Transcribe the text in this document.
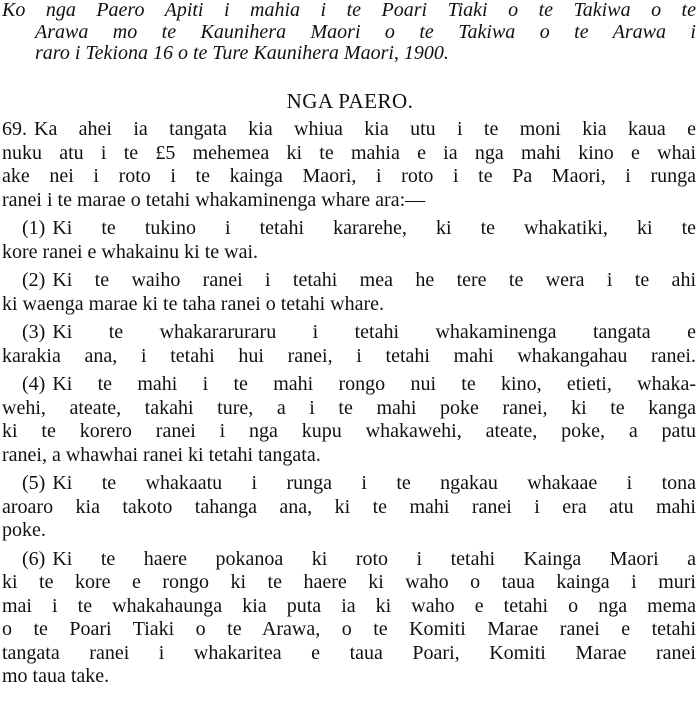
Ko nga Paero Apiti i mahia i te Poari Tiaki o te Takiwa o te
Arawa mo te Kaunihera Maori o te Takiwa o te Arawa i
raro i Tekiona 16 o te Ture Kaunihera Maori, 1900.
NGA PAERO.
69. Ka ahei ia tangata kia whiua kia utu i te moni kia kaua e
nuku atu i te £5 mehemea ki te mahia e ia nga mahi kino e whai
ake nei i roto i te kainga Maori, i roto i te Pa Maori, i runga
ranei i te marae o tetahi whakaminenga whare ara:—
(1) Ki te tukino i tetahi kararehe, ki te whakatiki, ki te
kore ranei e whakainu ki te wai.
(2) Ki te waiho ranei i tetahi mea he tere te wera i te ahi
ki waenga marae ki te taha ranei o tetahi whare.
(3) Ki te whakararuraru i tetahi whakaminenga tangata e
karakia ana, i tetahi hui ranei, i tetahi mahi whakangahau ranei.
(4) Ki te mahi i te mahi rongo nui te kino, etieti, whaka-
wehi, ateate, takahi ture, a i te mahi poke ranei, ki te kanga
ki te korero ranei i nga kupu whakawehi, ateate, poke, a patu
ranei, a whawhai ranei ki tetahi tangata.
(5) Ki te whakaatu i runga i te ngakau whakaae i tona
aroaro kia takoto tahanga ana, ki te mahi ranei i era atu mahi
poke.
(6) Ki te haere pokanoa ki roto i tetahi Kainga Maori a
ki te kore e rongo ki te haere ki waho o taua kainga i muri
mai i te whakahaunga kia puta ia ki waho e tetahi o nga mema
o te Poari Tiaki o te Arawa, o te Komiti Marae ranei e tetahi
tangata ranei i whakaritea e taua Poari, Komiti Marae ranei
mo taua take.
